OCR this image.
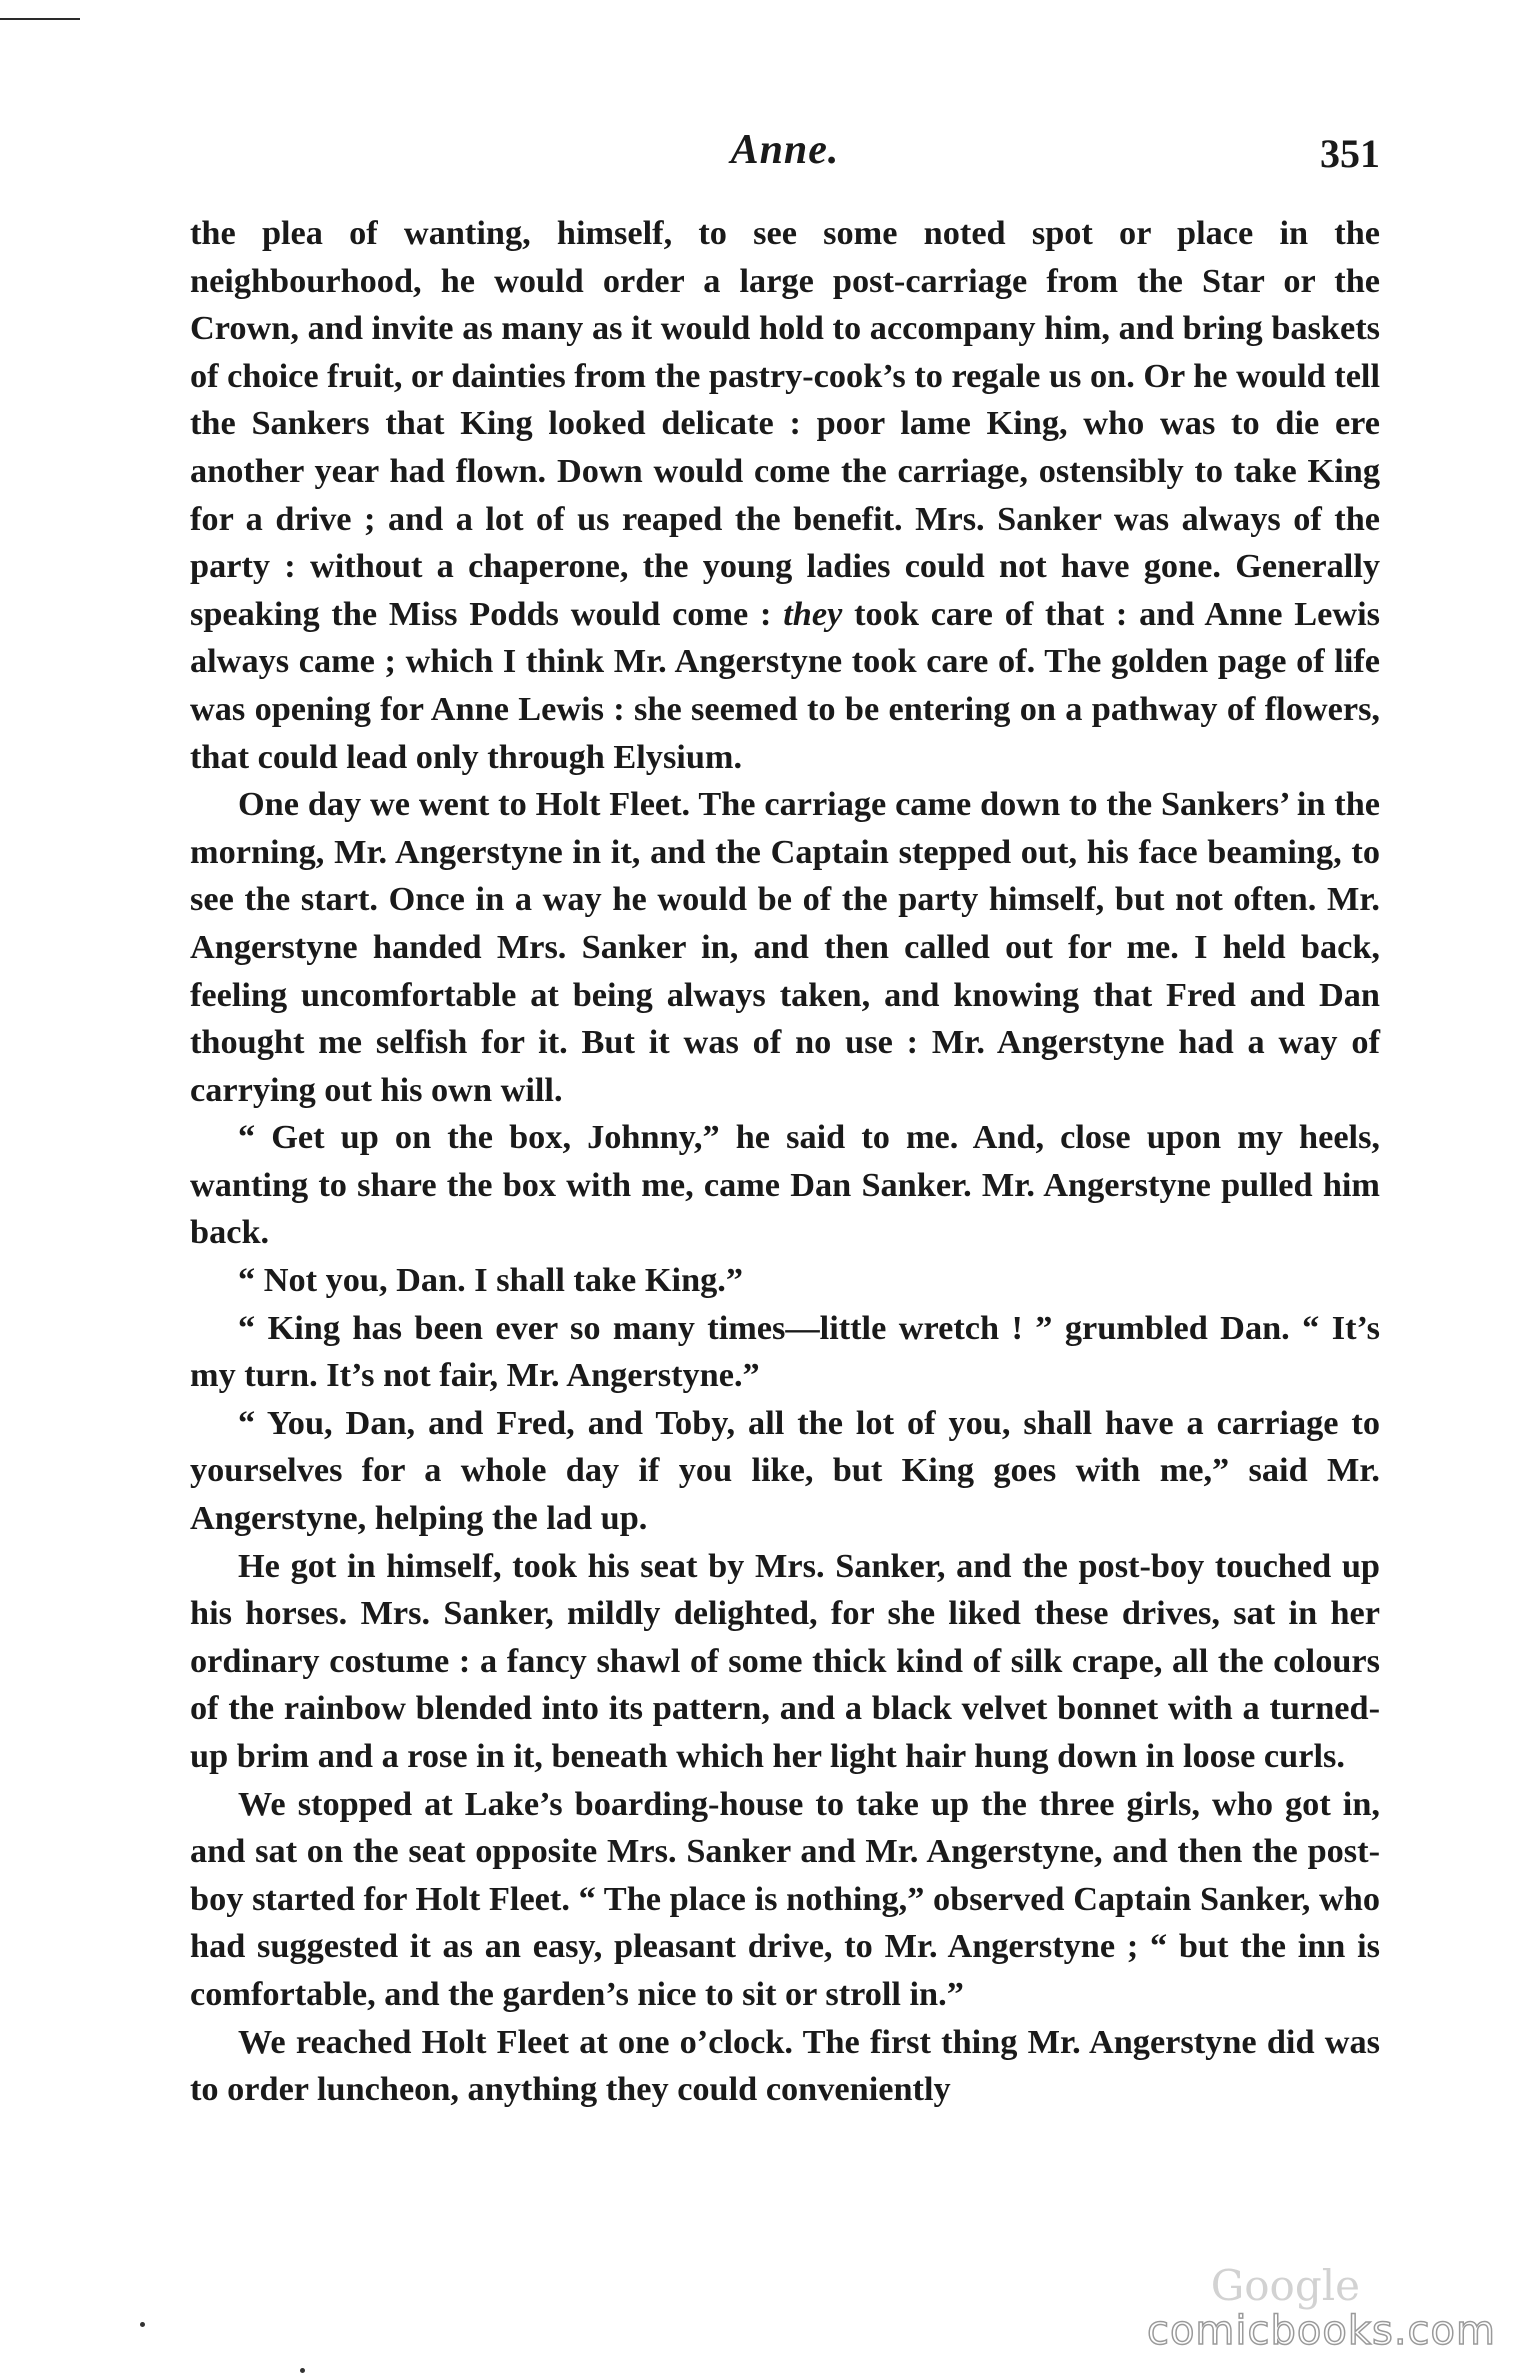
Anne.	351

the plea of wanting, himself, to see some noted spot or place in the neighbourhood, he would order a large post-carriage from the Star or the Crown, and invite as many as it would hold to accompany him, and bring baskets of choice fruit, or dainties from the pastry-cook’s to regale us on. Or he would tell the Sankers that King looked delicate : poor lame King, who was to die ere another year had flown. Down would come the carriage, ostensibly to take King for a drive ; and a lot of us reaped the benefit. Mrs. Sanker was always of the party : without a chaperone, the young ladies could not have gone. Generally speaking the Miss Podds would come : they took care of that : and Anne Lewis always came ; which I think Mr. Angerstyne took care of. The golden page of life was opening for Anne Lewis : she seemed to be entering on a pathway of flowers, that could lead only through Elysium.

One day we went to Holt Fleet. The carriage came down to the Sankers’ in the morning, Mr. Angerstyne in it, and the Captain stepped out, his face beaming, to see the start. Once in a way he would be of the party himself, but not often. Mr. Angerstyne handed Mrs. Sanker in, and then called out for me. I held back, feeling uncomfortable at being always taken, and knowing that Fred and Dan thought me selfish for it. But it was of no use : Mr. Angerstyne had a way of carrying out his own will.

“ Get up on the box, Johnny,” he said to me. And, close upon my heels, wanting to share the box with me, came Dan Sanker. Mr. Angerstyne pulled him back.

“ Not you, Dan. I shall take King.”

“ King has been ever so many times—little wretch ! ” grumbled Dan. “ It’s my turn. It’s not fair, Mr. Angerstyne.”

“ You, Dan, and Fred, and Toby, all the lot of you, shall have a carriage to yourselves for a whole day if you like, but King goes with me,” said Mr. Angerstyne, helping the lad up.

He got in himself, took his seat by Mrs. Sanker, and the post-boy touched up his horses. Mrs. Sanker, mildly delighted, for she liked these drives, sat in her ordinary costume : a fancy shawl of some thick kind of silk crape, all the colours of the rainbow blended into its pattern, and a black velvet bonnet with a turned-up brim and a rose in it, beneath which her light hair hung down in loose curls.

We stopped at Lake’s boarding-house to take up the three girls, who got in, and sat on the seat opposite Mrs. Sanker and Mr. Angerstyne, and then the post-boy started for Holt Fleet. “ The place is nothing,” observed Captain Sanker, who had suggested it as an easy, pleasant drive, to Mr. Angerstyne ; “ but the inn is comfortable, and the garden’s nice to sit or stroll in.”

We reached Holt Fleet at one o’clock. The first thing Mr. Angerstyne did was to order luncheon, anything they could conveniently

Google
comicbooks.com
